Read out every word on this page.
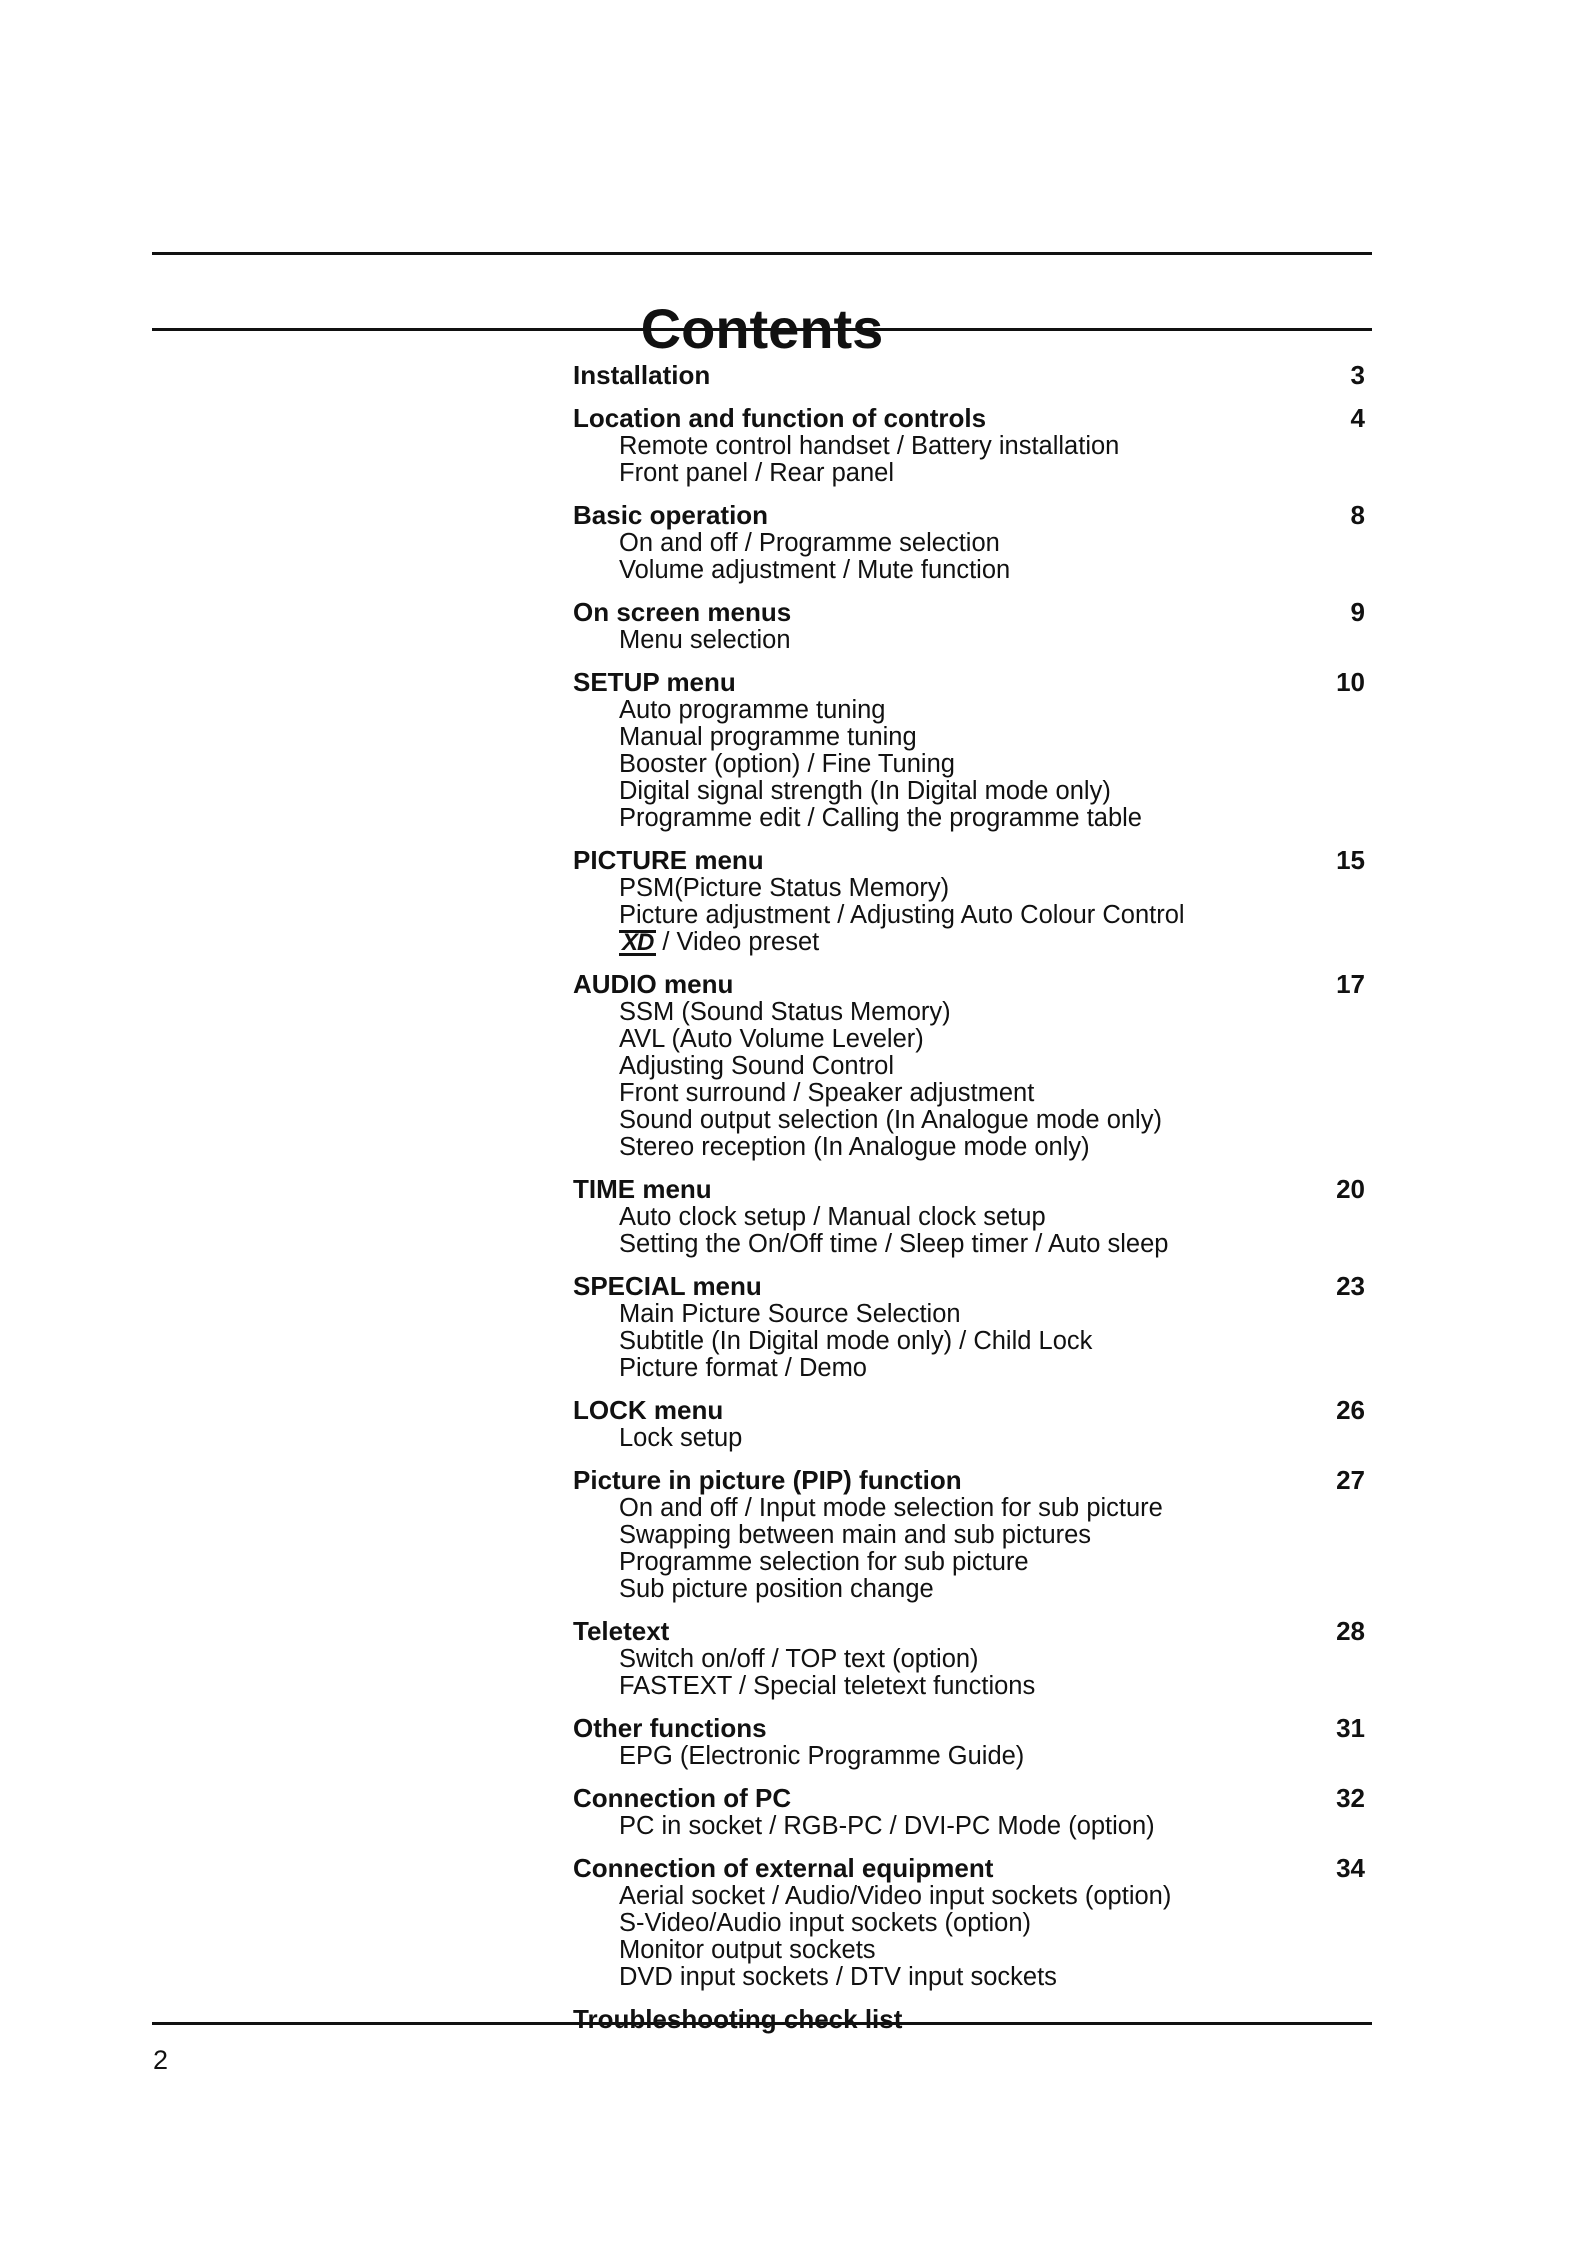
Contents
Installation	3
Location and function of controls	4
Remote control handset / Battery installation
Front panel / Rear panel
Basic operation	8
On and off / Programme selection
Volume adjustment / Mute function
On screen menus	9
Menu selection
SETUP menu	10
Auto programme tuning
Manual programme tuning
Booster (option) / Fine Tuning
Digital signal strength (In Digital mode only)
Programme edit / Calling the programme table
PICTURE menu	15
PSM(Picture Status Memory)
Picture adjustment / Adjusting Auto Colour Control
XD / Video preset
AUDIO menu	17
SSM (Sound Status Memory)
AVL (Auto Volume Leveler)
Adjusting Sound Control
Front surround / Speaker adjustment
Sound output selection (In Analogue mode only)
Stereo reception (In Analogue mode only)
TIME menu	20
Auto clock setup / Manual clock setup
Setting the On/Off time / Sleep timer / Auto sleep
SPECIAL menu	23
Main Picture Source Selection
Subtitle (In Digital mode only) / Child Lock
Picture format / Demo
LOCK menu	26
Lock setup
Picture in picture (PIP) function	27
On and off / Input mode selection for sub picture
Swapping between main and sub pictures
Programme selection for sub picture
Sub picture position change
Teletext	28
Switch on/off / TOP text (option)
FASTEXT / Special teletext functions
Other functions	31
EPG (Electronic Programme Guide)
Connection of PC	32
PC in socket / RGB-PC / DVI-PC Mode (option)
Connection of external equipment	34
Aerial socket / Audio/Video input sockets (option)
S-Video/Audio input sockets (option)
Monitor output sockets
DVD input sockets / DTV input sockets
Troubleshooting check list
2
